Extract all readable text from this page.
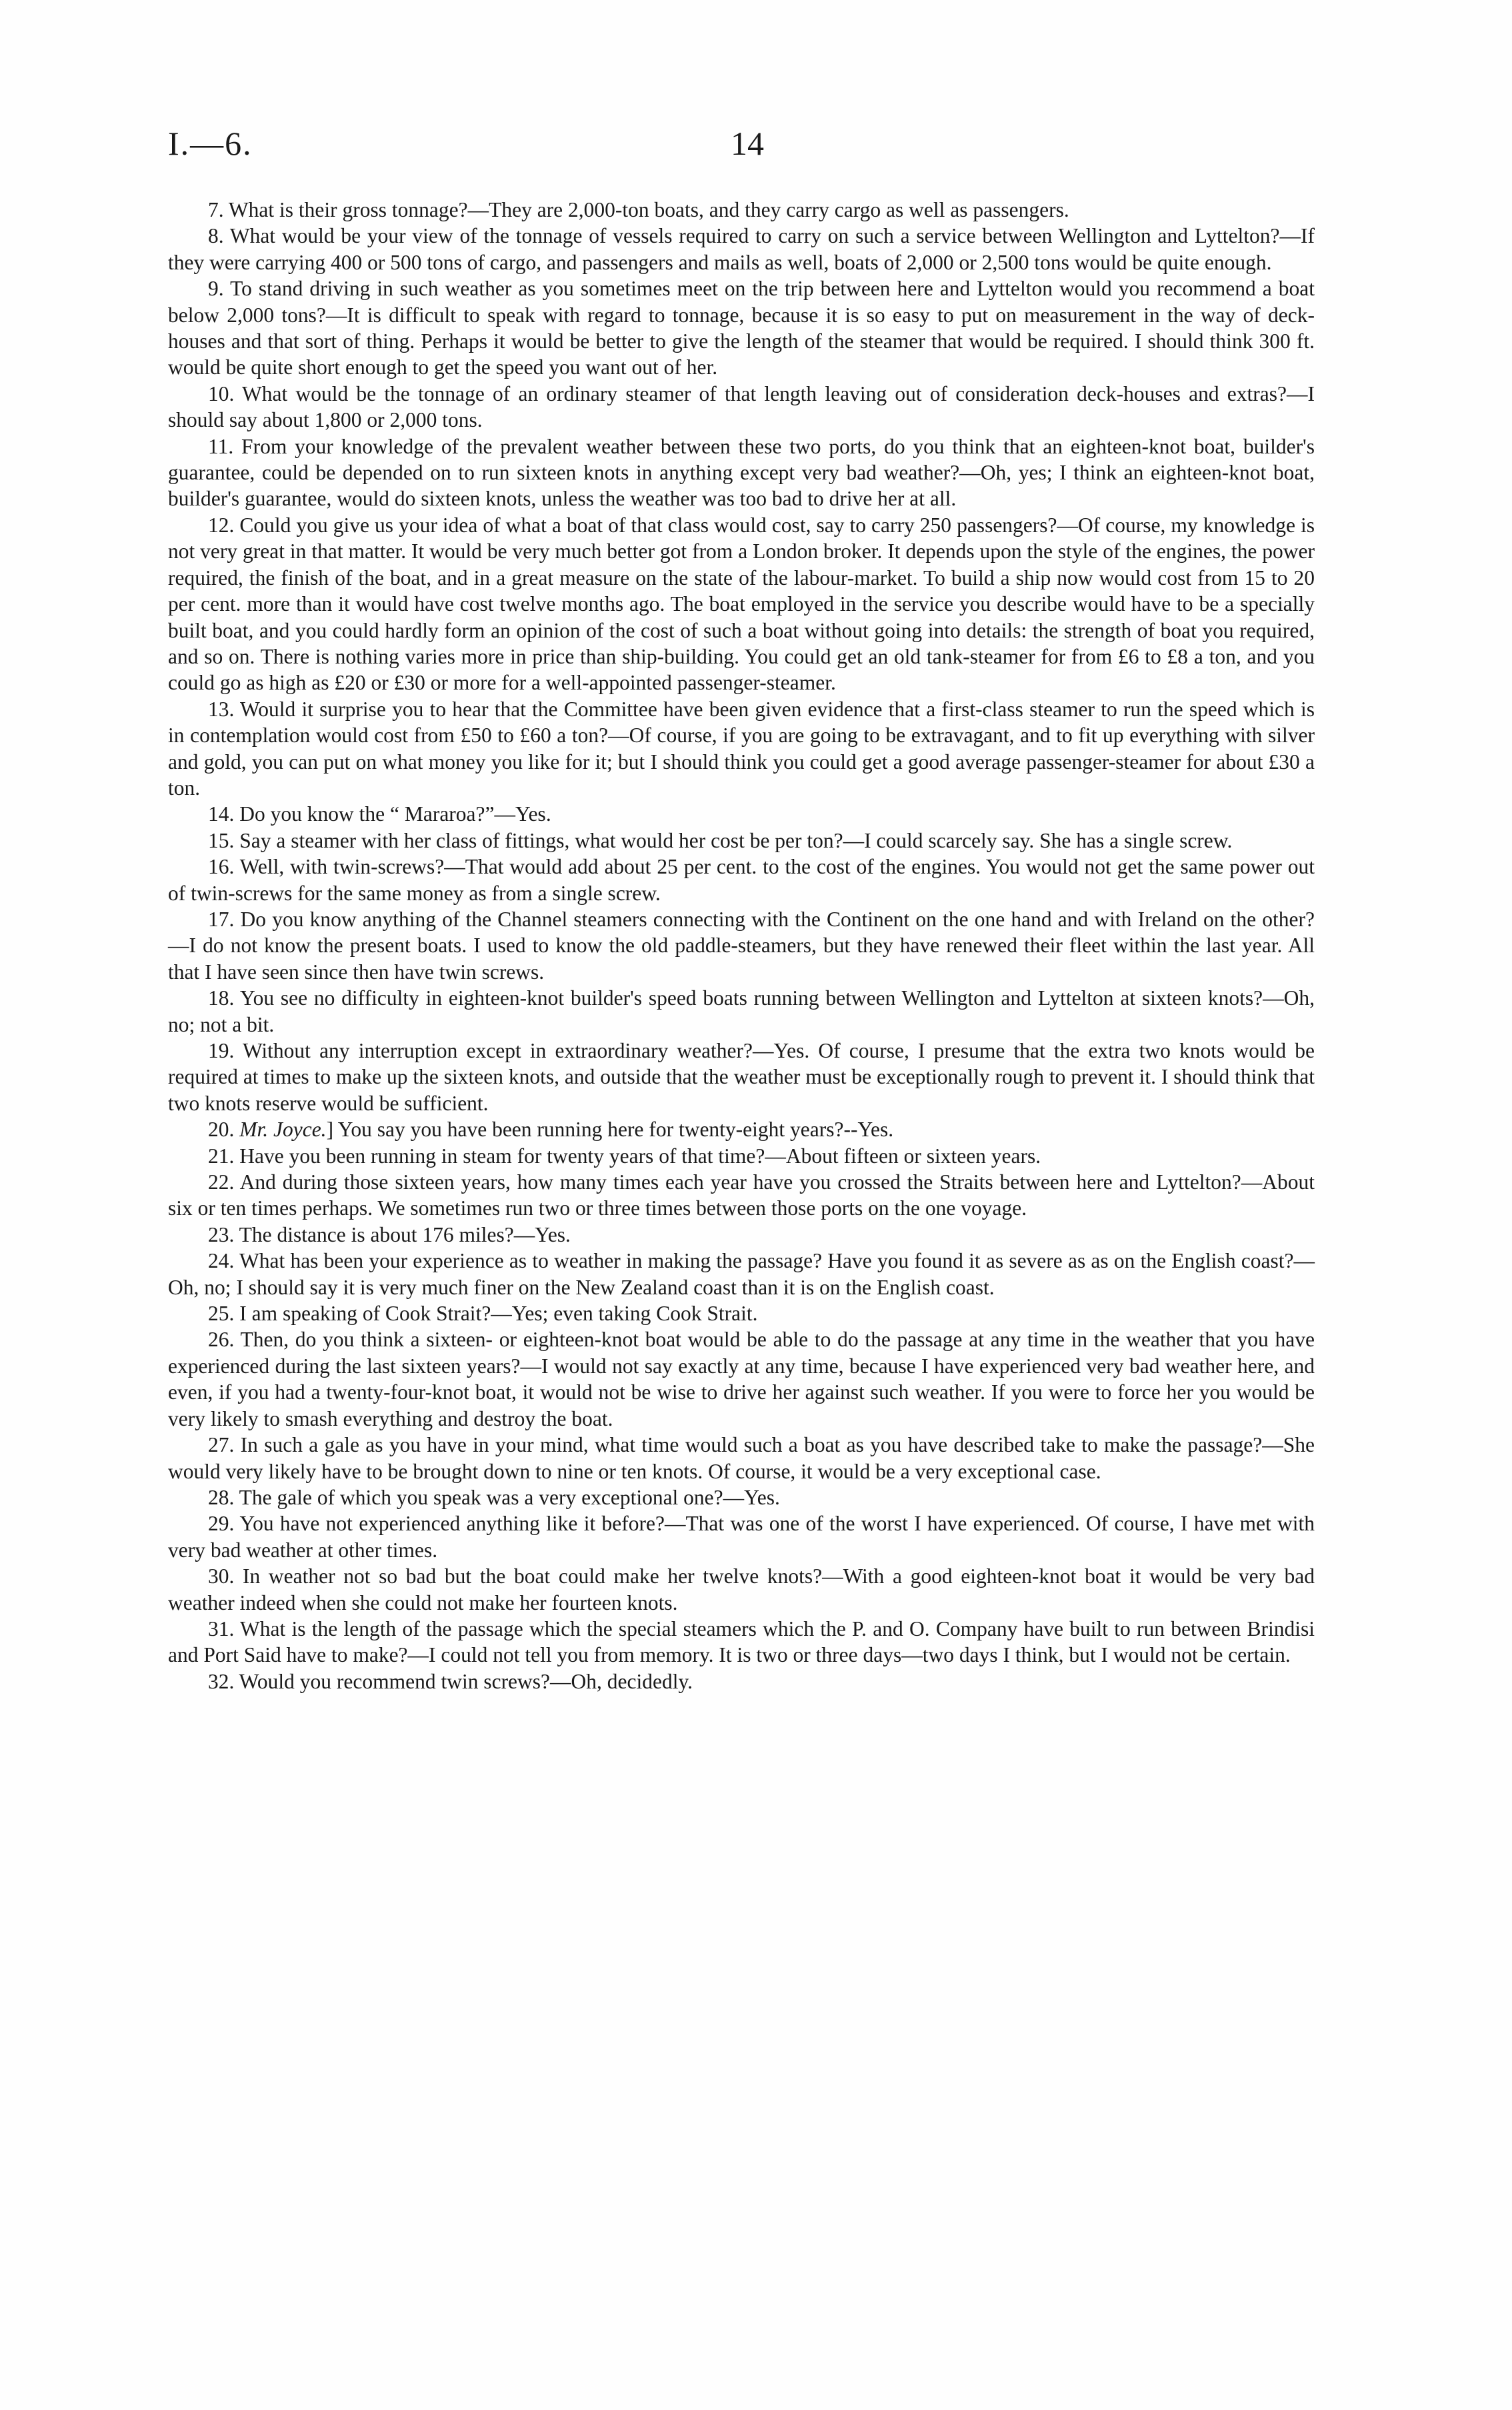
I.—6.	14

7. What is their gross tonnage?—They are 2,000-ton boats, and they carry cargo as well as passengers.

8. What would be your view of the tonnage of vessels required to carry on such a service between Wellington and Lyttelton?—If they were carrying 400 or 500 tons of cargo, and passengers and mails as well, boats of 2,000 or 2,500 tons would be quite enough.

9. To stand driving in such weather as you sometimes meet on the trip between here and Lyttelton would you recommend a boat below 2,000 tons?—It is difficult to speak with regard to tonnage, because it is so easy to put on measurement in the way of deck-houses and that sort of thing. Perhaps it would be better to give the length of the steamer that would be required. I should think 300 ft. would be quite short enough to get the speed you want out of her.

10. What would be the tonnage of an ordinary steamer of that length leaving out of consideration deck-houses and extras?—I should say about 1,800 or 2,000 tons.

11. From your knowledge of the prevalent weather between these two ports, do you think that an eighteen-knot boat, builder's guarantee, could be depended on to run sixteen knots in anything except very bad weather?—Oh, yes; I think an eighteen-knot boat, builder's guarantee, would do sixteen knots, unless the weather was too bad to drive her at all.

12. Could you give us your idea of what a boat of that class would cost, say to carry 250 passengers?—Of course, my knowledge is not very great in that matter. It would be very much better got from a London broker. It depends upon the style of the engines, the power required, the finish of the boat, and in a great measure on the state of the labour-market. To build a ship now would cost from 15 to 20 per cent. more than it would have cost twelve months ago. The boat employed in the service you describe would have to be a specially built boat, and you could hardly form an opinion of the cost of such a boat without going into details: the strength of boat you required, and so on. There is nothing varies more in price than ship-building. You could get an old tank-steamer for from £6 to £8 a ton, and you could go as high as £20 or £30 or more for a well-appointed passenger-steamer.

13. Would it surprise you to hear that the Committee have been given evidence that a first-class steamer to run the speed which is in contemplation would cost from £50 to £60 a ton?—Of course, if you are going to be extravagant, and to fit up everything with silver and gold, you can put on what money you like for it; but I should think you could get a good average passenger-steamer for about £30 a ton.

14. Do you know the “ Mararoa?”—Yes.

15. Say a steamer with her class of fittings, what would her cost be per ton?—I could scarcely say. She has a single screw.

16. Well, with twin-screws?—That would add about 25 per cent. to the cost of the engines. You would not get the same power out of twin-screws for the same money as from a single screw.

17. Do you know anything of the Channel steamers connecting with the Continent on the one hand and with Ireland on the other?—I do not know the present boats. I used to know the old paddle-steamers, but they have renewed their fleet within the last year. All that I have seen since then have twin screws.

18. You see no difficulty in eighteen-knot builder's speed boats running between Wellington and Lyttelton at sixteen knots?—Oh, no; not a bit.

19. Without any interruption except in extraordinary weather?—Yes. Of course, I presume that the extra two knots would be required at times to make up the sixteen knots, and outside that the weather must be exceptionally rough to prevent it. I should think that two knots reserve would be sufficient.

20. Mr. Joyce.] You say you have been running here for twenty-eight years?--Yes.

21. Have you been running in steam for twenty years of that time?—About fifteen or sixteen years.

22. And during those sixteen years, how many times each year have you crossed the Straits between here and Lyttelton?—About six or ten times perhaps. We sometimes run two or three times between those ports on the one voyage.

23. The distance is about 176 miles?—Yes.

24. What has been your experience as to weather in making the passage? Have you found it as severe as as on the English coast?—Oh, no; I should say it is very much finer on the New Zealand coast than it is on the English coast.

25. I am speaking of Cook Strait?—Yes; even taking Cook Strait.

26. Then, do you think a sixteen- or eighteen-knot boat would be able to do the passage at any time in the weather that you have experienced during the last sixteen years?—I would not say exactly at any time, because I have experienced very bad weather here, and even, if you had a twenty-four-knot boat, it would not be wise to drive her against such weather. If you were to force her you would be very likely to smash everything and destroy the boat.

27. In such a gale as you have in your mind, what time would such a boat as you have described take to make the passage?—She would very likely have to be brought down to nine or ten knots. Of course, it would be a very exceptional case.

28. The gale of which you speak was a very exceptional one?—Yes.

29. You have not experienced anything like it before?—That was one of the worst I have experienced. Of course, I have met with very bad weather at other times.

30. In weather not so bad but the boat could make her twelve knots?—With a good eighteen-knot boat it would be very bad weather indeed when she could not make her fourteen knots.

31. What is the length of the passage which the special steamers which the P. and O. Company have built to run between Brindisi and Port Said have to make?—I could not tell you from memory. It is two or three days—two days I think, but I would not be certain.

32. Would you recommend twin screws?—Oh, decidedly.
